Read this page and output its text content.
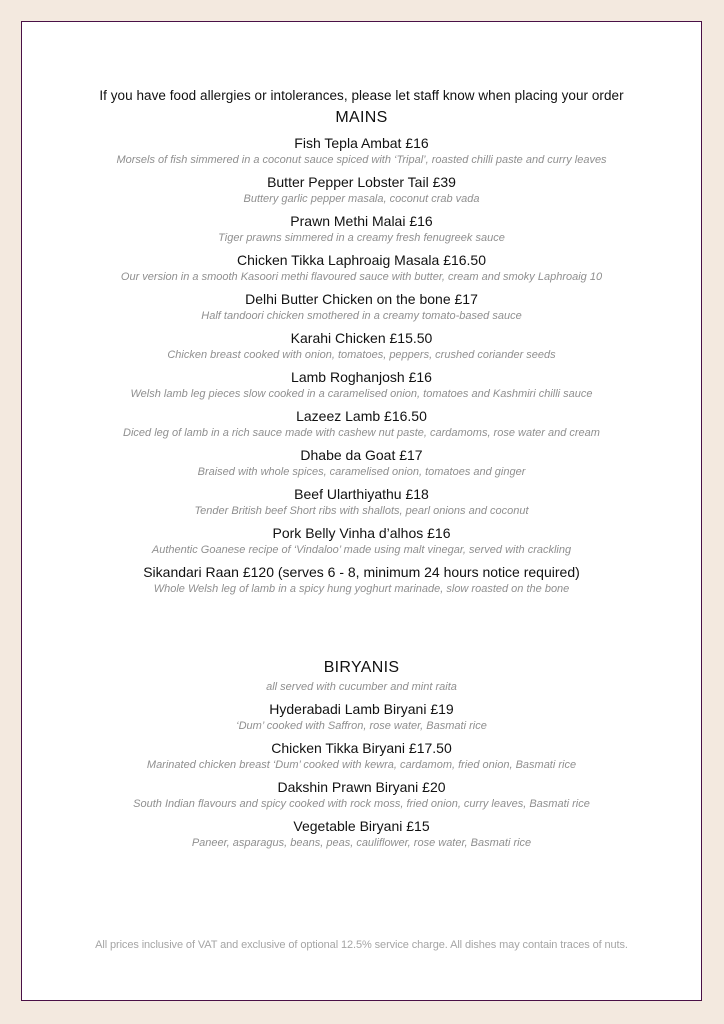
If you have food allergies or intolerances, please let staff know when placing your order
MAINS
Fish Tepla Ambat £16
Morsels of fish simmered in a coconut sauce spiced with ‘Tripal’, roasted chilli paste and curry leaves
Butter Pepper Lobster Tail £39
Buttery garlic pepper masala, coconut crab vada
Prawn Methi Malai £16
Tiger prawns simmered in a creamy fresh fenugreek sauce
Chicken Tikka Laphroaig Masala £16.50
Our version in a smooth Kasoori methi flavoured sauce with butter, cream and smoky Laphroaig 10
Delhi Butter Chicken on the bone £17
Half tandoori chicken smothered in a creamy tomato-based sauce
Karahi Chicken £15.50
Chicken breast cooked with onion, tomatoes, peppers, crushed coriander seeds
Lamb Roghanjosh £16
Welsh lamb leg pieces slow cooked in a caramelised onion, tomatoes and Kashmiri chilli sauce
Lazeez Lamb £16.50
Diced leg of lamb in a rich sauce made with cashew nut paste, cardamoms, rose water and cream
Dhabe da Goat £17
Braised with whole spices, caramelised onion, tomatoes and ginger
Beef Ularthiyathu £18
Tender British beef Short ribs with shallots, pearl onions and coconut
Pork Belly Vinha d’alhos £16
Authentic Goanese recipe of ‘Vindaloo’ made using malt vinegar, served with crackling
Sikandari Raan £120 (serves 6 - 8, minimum 24 hours notice required)
Whole Welsh leg of lamb in a spicy hung yoghurt marinade, slow roasted on the bone
BIRYANIS
all served with cucumber and mint raita
Hyderabadi Lamb Biryani £19
‘Dum’ cooked with Saffron, rose water, Basmati rice
Chicken Tikka Biryani £17.50
Marinated chicken breast ‘Dum’ cooked with kewra, cardamom, fried onion, Basmati rice
Dakshin Prawn Biryani £20
South Indian flavours and spicy cooked with rock moss, fried onion, curry leaves, Basmati rice
Vegetable Biryani £15
Paneer, asparagus, beans, peas, cauliflower, rose water, Basmati rice
All prices inclusive of VAT and exclusive of optional 12.5% service charge. All dishes may contain traces of nuts.
